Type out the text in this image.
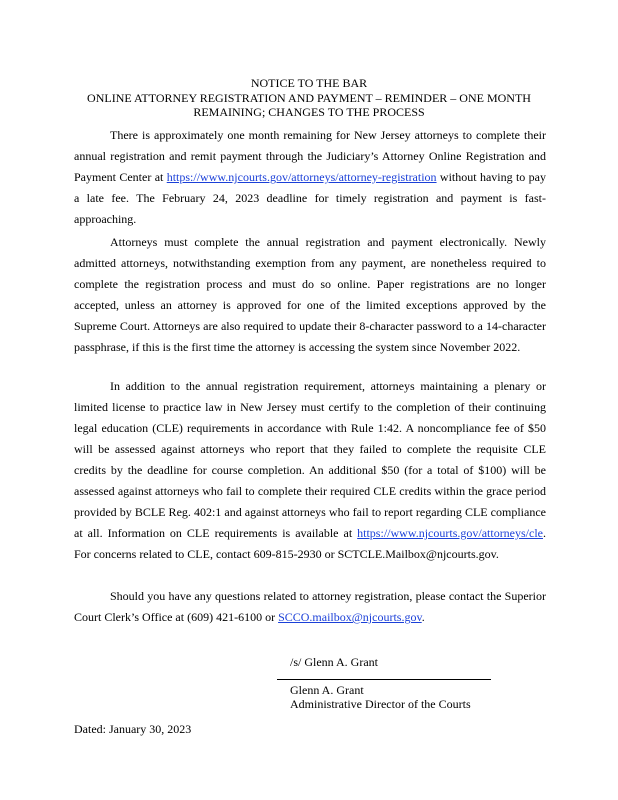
NOTICE TO THE BAR
ONLINE ATTORNEY REGISTRATION AND PAYMENT – REMINDER – ONE MONTH
REMAINING; CHANGES TO THE PROCESS

There is approximately one month remaining for New Jersey attorneys to complete their annual registration and remit payment through the Judiciary’s Attorney Online Registration and Payment Center at https://www.njcourts.gov/attorneys/attorney-registration without having to pay a late fee. The February 24, 2023 deadline for timely registration and payment is fast-approaching.

Attorneys must complete the annual registration and payment electronically. Newly admitted attorneys, notwithstanding exemption from any payment, are nonetheless required to complete the registration process and must do so online. Paper registrations are no longer accepted, unless an attorney is approved for one of the limited exceptions approved by the Supreme Court. Attorneys are also required to update their 8-character password to a 14-character passphrase, if this is the first time the attorney is accessing the system since November 2022.

In addition to the annual registration requirement, attorneys maintaining a plenary or limited license to practice law in New Jersey must certify to the completion of their continuing legal education (CLE) requirements in accordance with Rule 1:42. A noncompliance fee of $50 will be assessed against attorneys who report that they failed to complete the requisite CLE credits by the deadline for course completion. An additional $50 (for a total of $100) will be assessed against attorneys who fail to complete their required CLE credits within the grace period provided by BCLE Reg. 402:1 and against attorneys who fail to report regarding CLE compliance at all. Information on CLE requirements is available at https://www.njcourts.gov/attorneys/cle. For concerns related to CLE, contact 609-815-2930 or SCTCLE.Mailbox@njcourts.gov.

Should you have any questions related to attorney registration, please contact the Superior Court Clerk’s Office at (609) 421-6100 or SCCO.mailbox@njcourts.gov.

/s/ Glenn A. Grant
Glenn A. Grant
Administrative Director of the Courts
Dated: January 30, 2023
